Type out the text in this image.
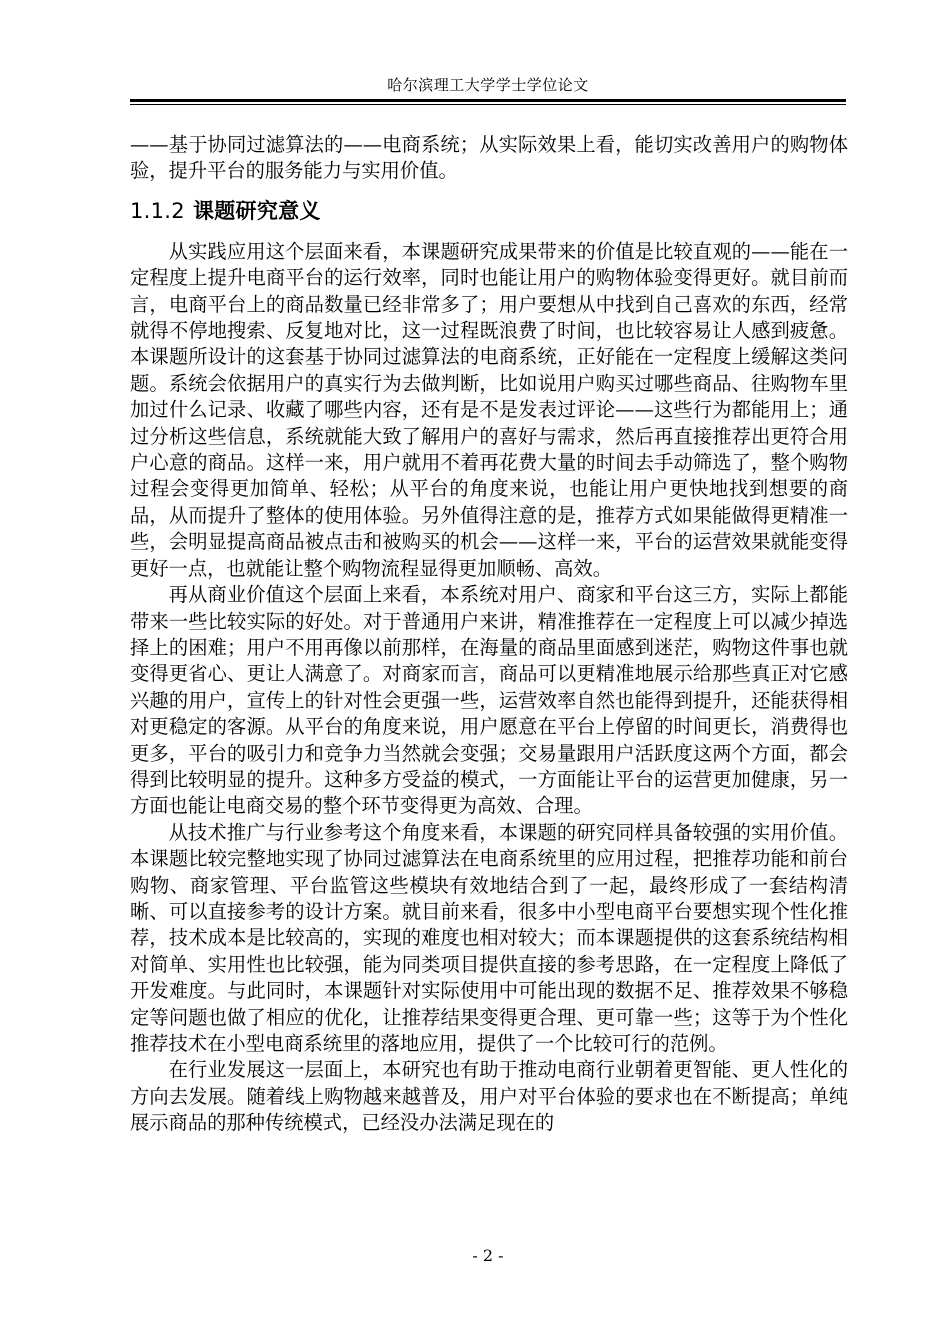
哈尔滨理工大学学士学位论文

——基于协同过滤算法的——电商系统；从实际效果上看，能切实改善用户的购物体验，提升平台的服务能力与实用价值。

1.1.2 课题研究意义

从实践应用这个层面来看，本课题研究成果带来的价值是比较直观的——能在一定程度上提升电商平台的运行效率，同时也能让用户的购物体验变得更好。就目前而言，电商平台上的商品数量已经非常多了；用户要想从中找到自己喜欢的东西，经常就得不停地搜索、反复地对比，这一过程既浪费了时间，也比较容易让人感到疲惫。本课题所设计的这套基于协同过滤算法的电商系统，正好能在一定程度上缓解这类问题。系统会依据用户的真实行为去做判断，比如说用户购买过哪些商品、往购物车里加过什么记录、收藏了哪些内容，还有是不是发表过评论——这些行为都能用上；通过分析这些信息，系统就能大致了解用户的喜好与需求，然后再直接推荐出更符合用户心意的商品。这样一来，用户就用不着再花费大量的时间去手动筛选了，整个购物过程会变得更加简单、轻松；从平台的角度来说，也能让用户更快地找到想要的商品，从而提升了整体的使用体验。另外值得注意的是，推荐方式如果能做得更精准一些，会明显提高商品被点击和被购买的机会——这样一来，平台的运营效果就能变得更好一点，也就能让整个购物流程显得更加顺畅、高效。

再从商业价值这个层面上来看，本系统对用户、商家和平台这三方，实际上都能带来一些比较实际的好处。对于普通用户来讲，精准推荐在一定程度上可以减少掉选择上的困难；用户不用再像以前那样，在海量的商品里面感到迷茫，购物这件事也就变得更省心、更让人满意了。对商家而言，商品可以更精准地展示给那些真正对它感兴趣的用户，宣传上的针对性会更强一些，运营效率自然也能得到提升，还能获得相对更稳定的客源。从平台的角度来说，用户愿意在平台上停留的时间更长，消费得也更多，平台的吸引力和竞争力当然就会变强；交易量跟用户活跃度这两个方面，都会得到比较明显的提升。这种多方受益的模式，一方面能让平台的运营更加健康，另一方面也能让电商交易的整个环节变得更为高效、合理。

从技术推广与行业参考这个角度来看，本课题的研究同样具备较强的实用价值。本课题比较完整地实现了协同过滤算法在电商系统里的应用过程，把推荐功能和前台购物、商家管理、平台监管这些模块有效地结合到了一起，最终形成了一套结构清晰、可以直接参考的设计方案。就目前来看，很多中小型电商平台要想实现个性化推荐，技术成本是比较高的，实现的难度也相对较大；而本课题提供的这套系统结构相对简单、实用性也比较强，能为同类项目提供直接的参考思路，在一定程度上降低了开发难度。与此同时，本课题针对实际使用中可能出现的数据不足、推荐效果不够稳定等问题也做了相应的优化，让推荐结果变得更合理、更可靠一些；这等于为个性化推荐技术在小型电商系统里的落地应用，提供了一个比较可行的范例。

在行业发展这一层面上，本研究也有助于推动电商行业朝着更智能、更人性化的方向去发展。随着线上购物越来越普及，用户对平台体验的要求也在不断提高；单纯展示商品的那种传统模式，已经没办法满足现在的

- 2 -
